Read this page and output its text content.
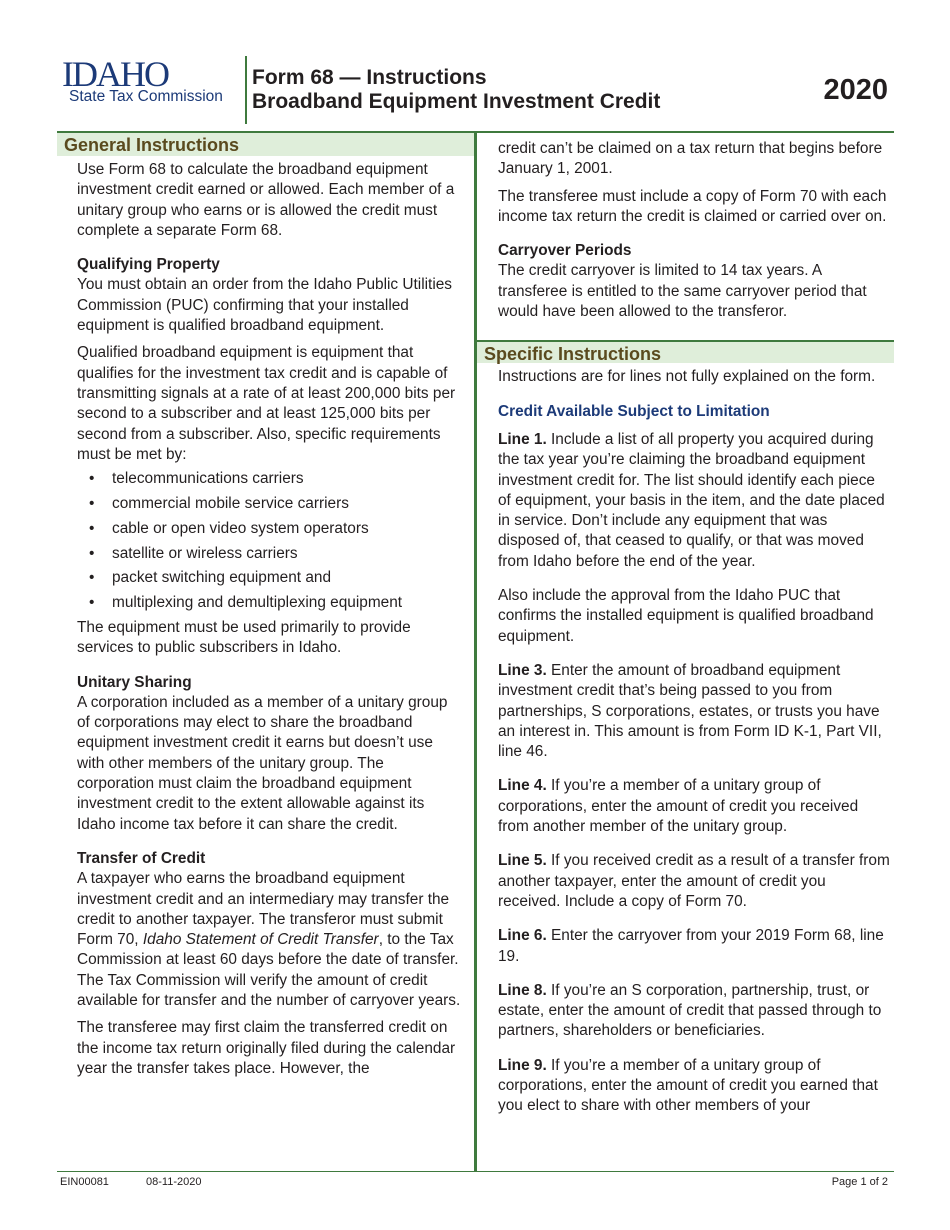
IDAHO
State Tax Commission
Form 68 — Instructions
Broadband Equipment Investment Credit	2020
General Instructions

Use Form 68 to calculate the broadband equipment investment credit earned or allowed. Each member of a unitary group who earns or is allowed the credit must complete a separate Form 68.

Qualifying Property

You must obtain an order from the Idaho Public Utilities Commission (PUC) confirming that your installed equipment is qualified broadband equipment.

Qualified broadband equipment is equipment that qualifies for the investment tax credit and is capable of transmitting signals at a rate of at least 200,000 bits per second to a subscriber and at least 125,000 bits per second from a subscriber. Also, specific requirements must be met by:

• telecommunications carriers
• commercial mobile service carriers
• cable or open video system operators
• satellite or wireless carriers
• packet switching equipment and
• multiplexing and demultiplexing equipment

The equipment must be used primarily to provide services to public subscribers in Idaho.

Unitary Sharing

A corporation included as a member of a unitary group of corporations may elect to share the broadband equipment investment credit it earns but doesn’t use with other members of the unitary group. The corporation must claim the broadband equipment investment credit to the extent allowable against its Idaho income tax before it can share the credit.

Transfer of Credit

A taxpayer who earns the broadband equipment investment credit and an intermediary may transfer the credit to another taxpayer. The transferor must submit Form 70, Idaho Statement of Credit Transfer, to the Tax Commission at least 60 days before the date of transfer. The Tax Commission will verify the amount of credit available for transfer and the number of carryover years.

The transferee may first claim the transferred credit on the income tax return originally filed during the calendar year the transfer takes place. However, the

credit can’t be claimed on a tax return that begins before January 1, 2001.

The transferee must include a copy of Form 70 with each income tax return the credit is claimed or carried over on.

Carryover Periods

The credit carryover is limited to 14 tax years. A transferee is entitled to the same carryover period that would have been allowed to the transferor.

Specific Instructions

Instructions are for lines not fully explained on the form.

Credit Available Subject to Limitation

Line 1. Include a list of all property you acquired during the tax year you’re claiming the broadband equipment investment credit for. The list should identify each piece of equipment, your basis in the item, and the date placed in service. Don’t include any equipment that was disposed of, that ceased to qualify, or that was moved from Idaho before the end of the year.

Also include the approval from the Idaho PUC that confirms the installed equipment is qualified broadband equipment.

Line 3. Enter the amount of broadband equipment investment credit that’s being passed to you from partnerships, S corporations, estates, or trusts you have an interest in. This amount is from Form ID K-1, Part VII, line 46.

Line 4. If you’re a member of a unitary group of corporations, enter the amount of credit you received from another member of the unitary group.

Line 5. If you received credit as a result of a transfer from another taxpayer, enter the amount of credit you received. Include a copy of Form 70.

Line 6. Enter the carryover from your 2019 Form 68, line 19.

Line 8. If you’re an S corporation, partnership, trust, or estate, enter the amount of credit that passed through to partners, shareholders or beneficiaries.

Line 9. If you’re a member of a unitary group of corporations, enter the amount of credit you earned that you elect to share with other members of your

EIN00081	08-11-2020	Page 1 of 2
